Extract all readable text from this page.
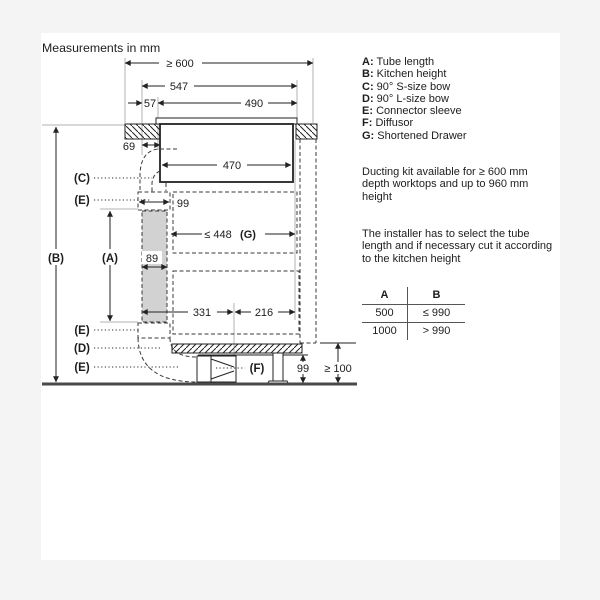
≥ 600
547
57	490
69
470
99
89
≤ 448 (G)
331	216
99 ≥ 100
(B)	(A)
(C)
(E)
(E)
(D)
(E)	(F)
Measurements in mm
A: Tube length
B: Kitchen height
C: 90° S-size bow
D: 90° L-size bow
E: Connector sleeve
F: Diffusor
G: Shortened Drawer
Ducting kit available for ≥ 600 mm depth worktops and up to 960 mm height
The installer has to select the tube length and if necessary cut it according to the kitchen height
A	B
500	≤ 990
1000	> 990
